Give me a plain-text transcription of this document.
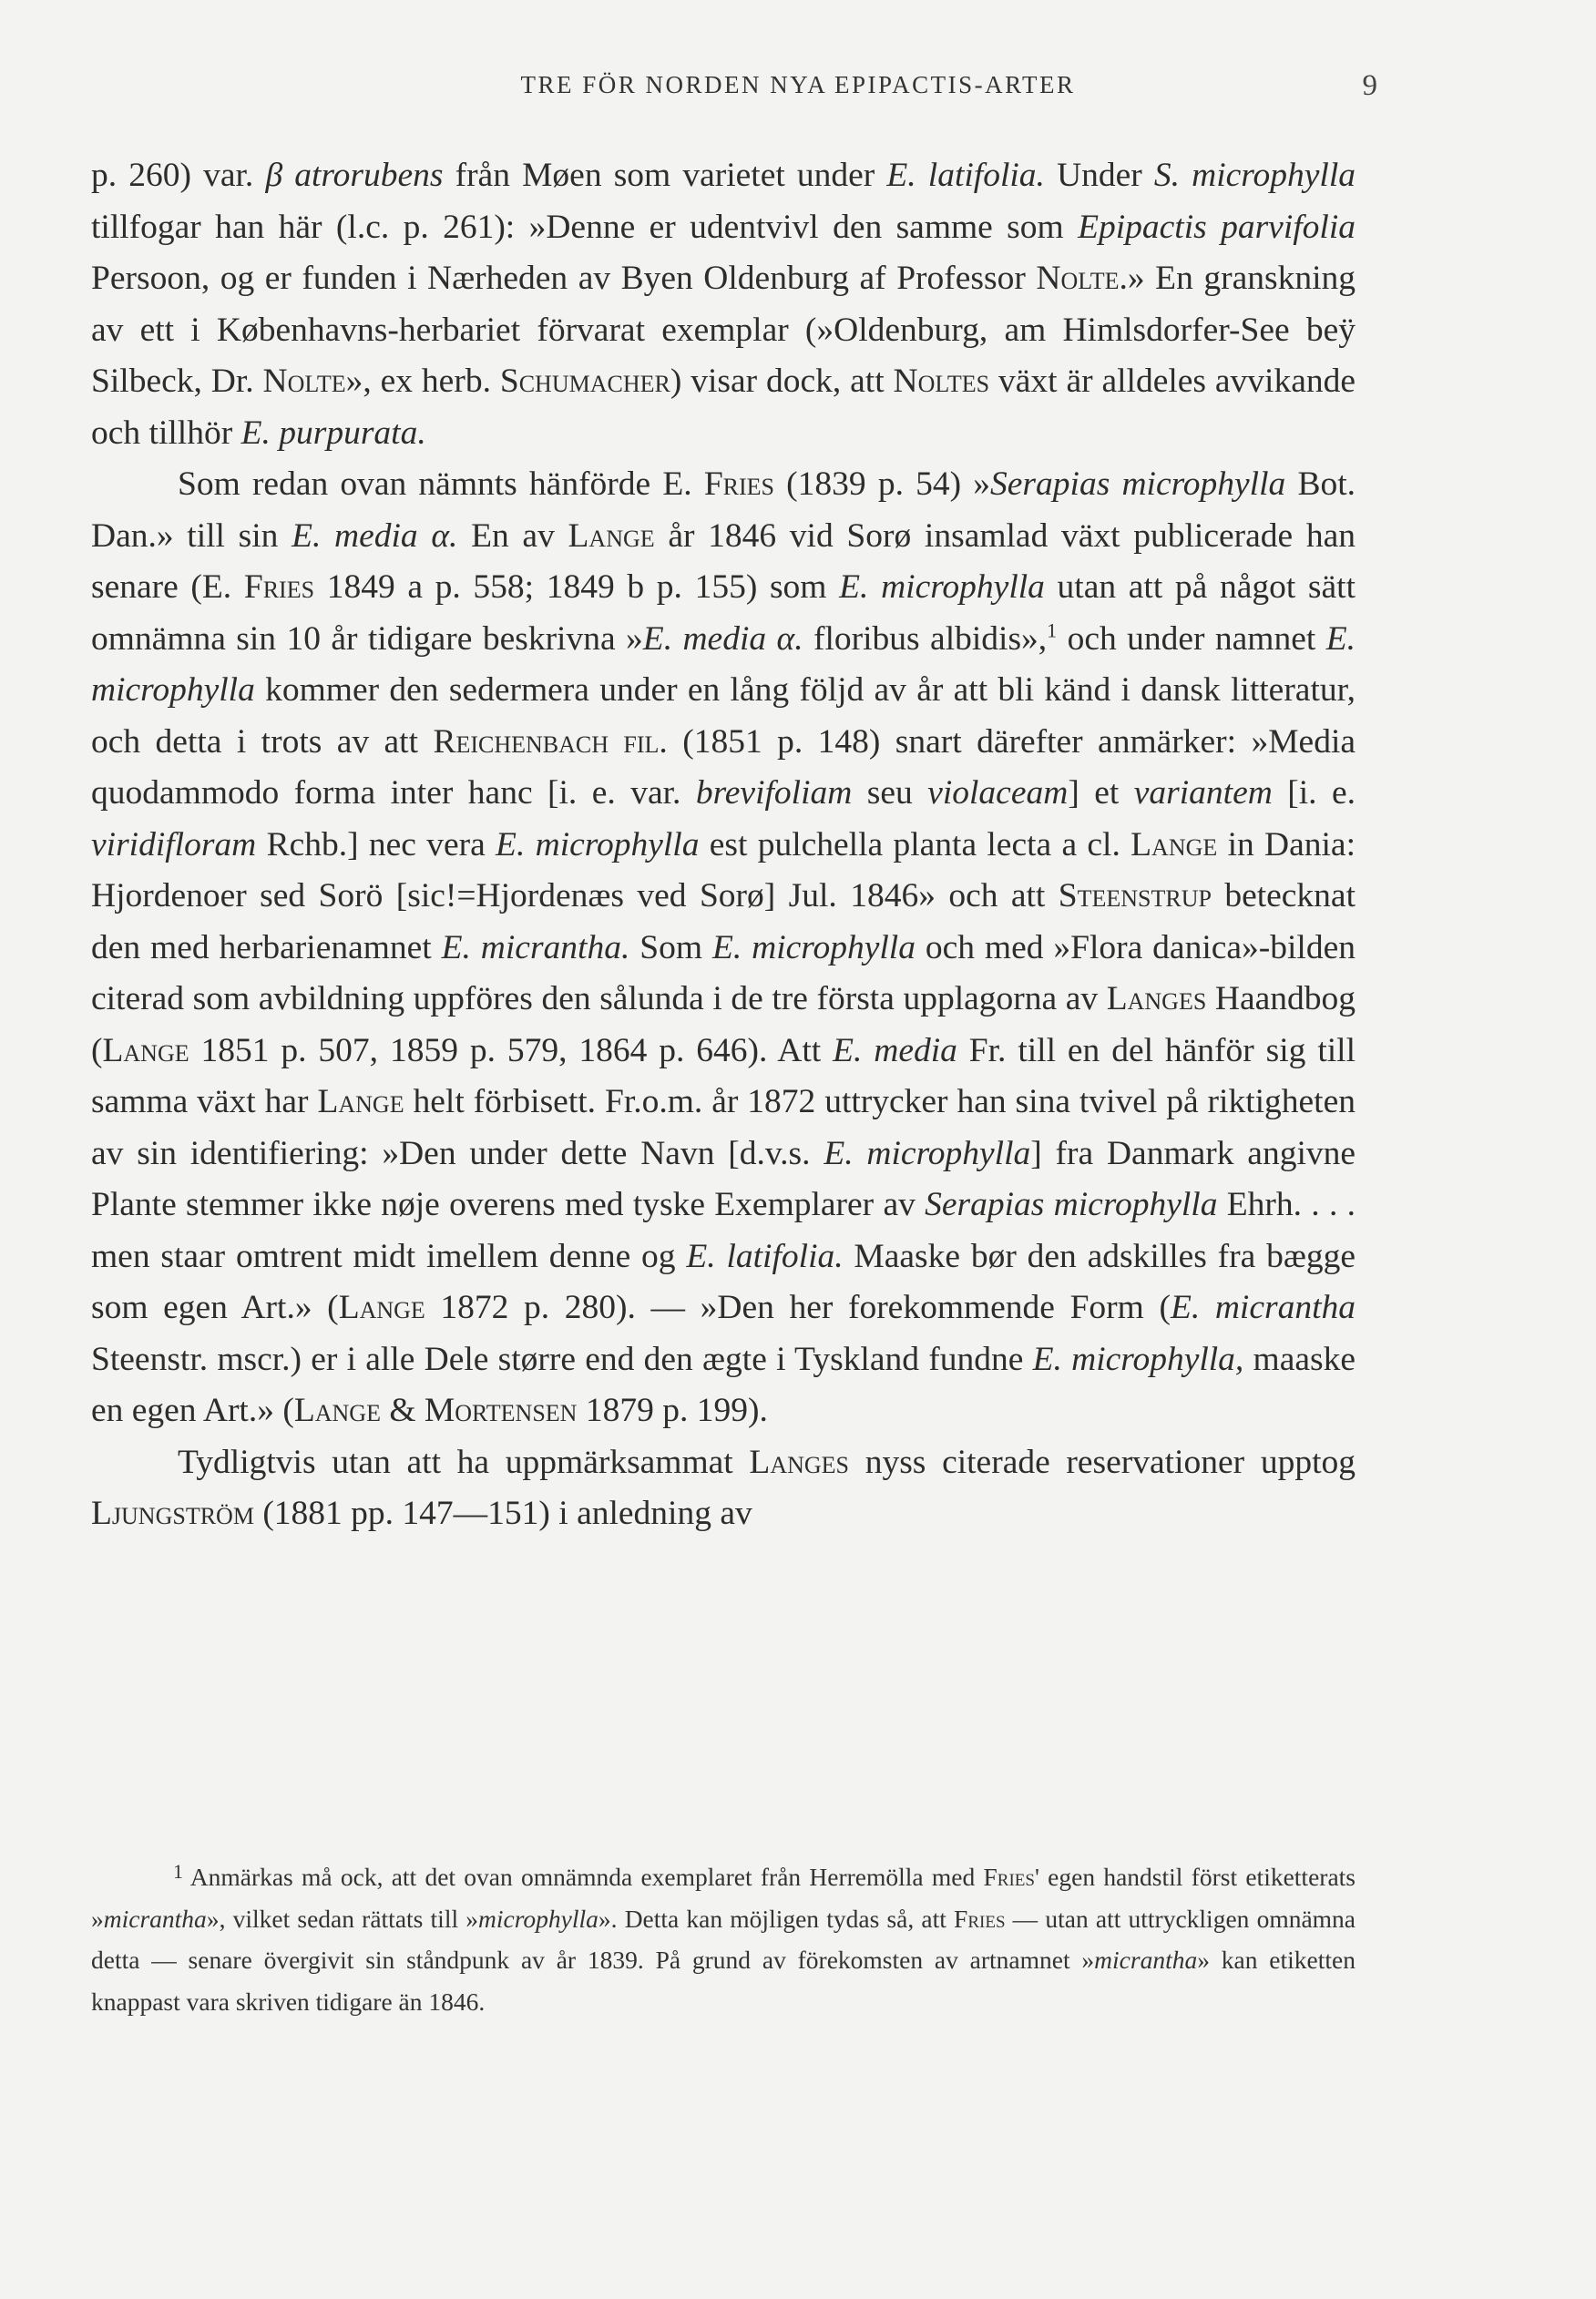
TRE FÖR NORDEN NYA EPIPACTIS-ARTER	9

p. 260) var. β atrorubens från Møen som varietet under E. latifolia. Under S. microphylla tillfogar han här (l.c. p. 261): »Denne er udentvivl den samme som Epipactis parvifolia Persoon, og er funden i Nærheden av Byen Oldenburg af Professor Nolte.» En granskning av ett i Københavns-herbariet förvarat exemplar (»Oldenburg, am Himlsdorfer-See beÿ Silbeck, Dr. Nolte», ex herb. Schumacher) visar dock, att Noltes växt är alldeles avvikande och tillhör E. purpurata.

Som redan ovan nämnts hänförde E. Fries (1839 p. 54) »Serapias microphylla Bot. Dan.» till sin E. media α. En av Lange år 1846 vid Sorø insamlad växt publicerade han senare (E. Fries 1849 a p. 558; 1849 b p. 155) som E. microphylla utan att på något sätt omnämna sin 10 år tidigare beskrivna »E. media α. floribus albidis»,$^1$ och under namnet E. microphylla kommer den sedermera under en lång följd av år att bli känd i dansk litteratur, och detta i trots av att Reichenbach fil. (1851 p. 148) snart därefter anmärker: »Media quodammodo forma inter hanc [i. e. var. brevifoliam seu violaceam] et variantem [i. e. viridifloram Rchb.] nec vera E. microphylla est pulchella planta lecta a cl. Lange in Dania: Hjordenoer sed Sorö [sic!=Hjordenæs ved Sorø] Jul. 1846» och att Steenstrup betecknat den med herbarienamnet E. micrantha. Som E. microphylla och med »Flora danica»-bilden citerad som avbildning uppföres den sålunda i de tre första upplagorna av Langes Haandbog (Lange 1851 p. 507, 1859 p. 579, 1864 p. 646). Att E. media Fr. till en del hänför sig till samma växt har Lange helt förbisett. Fr.o.m. år 1872 uttrycker han sina tvivel på riktigheten av sin identifiering: »Den under dette Navn [d.v.s. E. microphylla] fra Danmark angivne Plante stemmer ikke nøje overens med tyske Exemplarer av Serapias microphylla Ehrh. . . . men staar omtrent midt imellem denne og E. latifolia. Maaske bør den adskilles fra bægge som egen Art.» (Lange 1872 p. 280). — »Den her forekommende Form (E. micrantha Steenstr. mscr.) er i alle Dele større end den ægte i Tyskland fundne E. microphylla, maaske en egen Art.» (Lange & Mortensen 1879 p. 199).

Tydligtvis utan att ha uppmärksammat Langes nyss citerade reservationer upptog Ljungström (1881 pp. 147—151) i anledning av

$^1$ Anmärkas må ock, att det ovan omnämnda exemplaret från Herremölla med Fries' egen handstil först etiketterats »micrantha», vilket sedan rättats till »microphylla». Detta kan möjligen tydas så, att Fries — utan att uttryckligen omnämna detta — senare övergivit sin ståndpunk av år 1839. På grund av förekomsten av artnamnet »micrantha» kan etiketten knappast vara skriven tidigare än 1846.
